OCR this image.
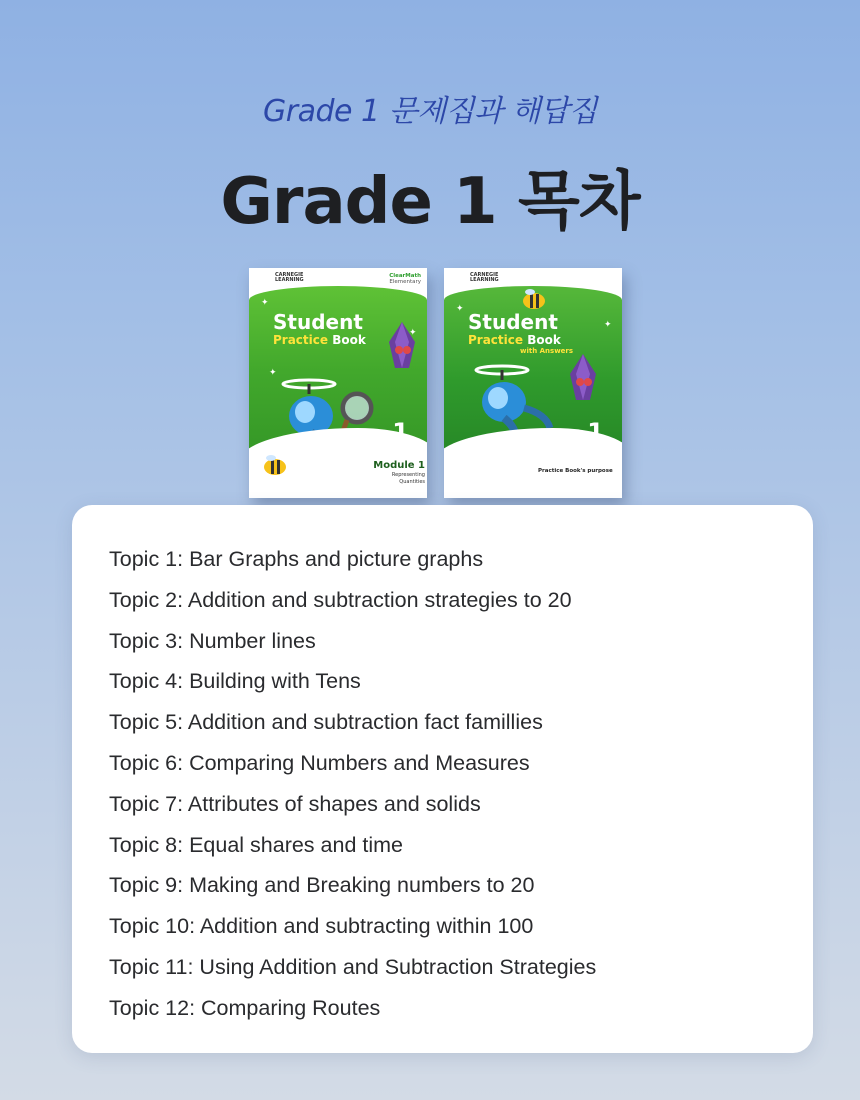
Grade 1 문제집과 해답집
Grade 1 목차
CARNEGIE
LEARNING
ClearMath
Elementary
✦
✦
✦
Student
Practice Book
1
Module 1
Representing
Quantities
CARNEGIE
LEARNING
✦
✦
Student
Practice Book
with Answers
1
Practice Book's purpose
Topic 1: Bar Graphs and picture graphs
Topic 2: Addition and subtraction strategies to 20
Topic 3: Number lines
Topic 4: Building with Tens
Topic 5: Addition and subtraction fact famillies
Topic 6: Comparing Numbers and Measures
Topic 7: Attributes of shapes and solids
Topic 8: Equal shares and time
Topic 9: Making and Breaking numbers to 20
Topic 10: Addition and subtracting within 100
Topic 11: Using Addition and Subtraction Strategies
Topic 12: Comparing Routes
